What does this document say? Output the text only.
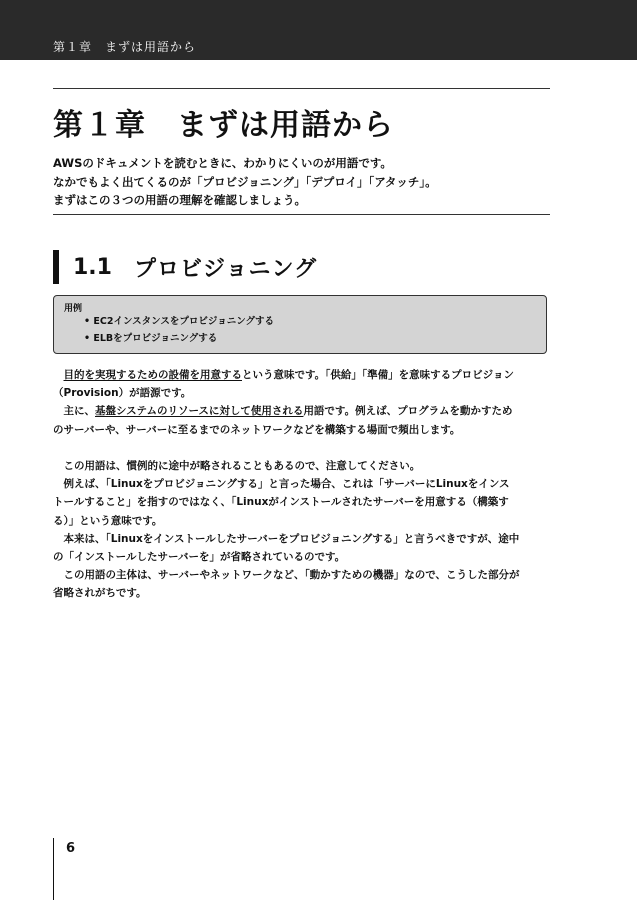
第１章　まずは用語から
第１章　まずは用語から
AWSのドキュメントを読むときに、わかりにくいのが用語です。
なかでもよく出てくるのが「プロビジョニング」「デプロイ」「アタッチ」。
まずはこの３つの用語の理解を確認しましょう。
1.1 プロビジョニング
用例
• EC2インスタンスをプロビジョニングする
• ELBをプロビジョニングする
　目的を実現するための設備を用意するという意味です。「供給」「準備」を意味するプロビジョン
（Provision）が語源です。
　主に、基盤システムのリソースに対して使用される用語です。例えば、プログラムを動かすため
のサーバーや、サーバーに至るまでのネットワークなどを構築する場面で頻出します。
　この用語は、慣例的に途中が略されることもあるので、注意してください。
　例えば、「Linuxをプロビジョニングする」と言った場合、これは「サーバーにLinuxをインス
トールすること」を指すのではなく、「Linuxがインストールされたサーバーを用意する（構築す
る）」という意味です。
　本来は、「Linuxをインストールしたサーバーをプロビジョニングする」と言うべきですが、途中
の「インストールしたサーバーを」が省略されているのです。
　この用語の主体は、サーバーやネットワークなど、「動かすための機器」なので、こうした部分が
省略されがちです。
6
